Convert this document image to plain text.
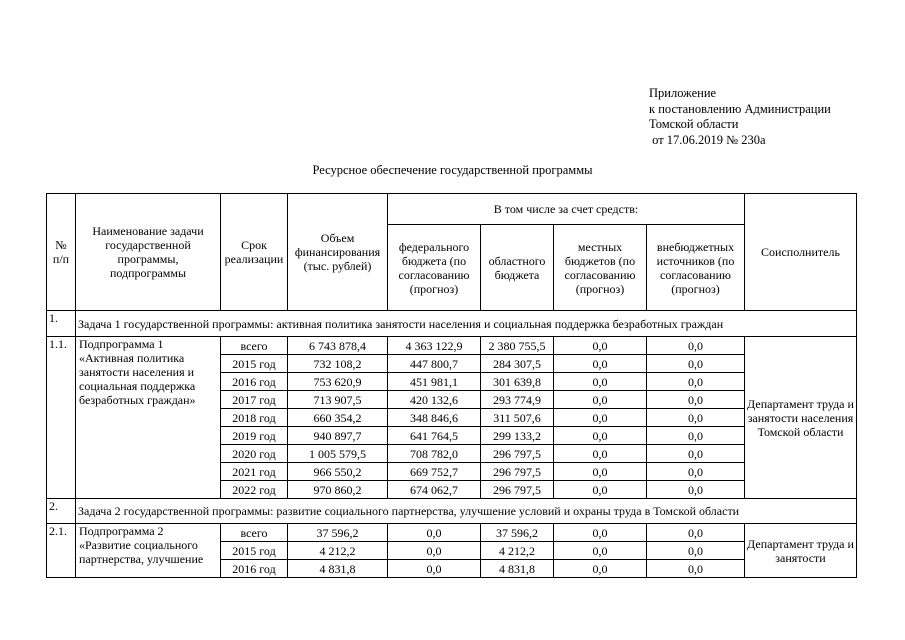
Приложение
к постановлению Администрации
Томской области
от 17.06.2019 № 230а
Ресурсное обеспечение государственной программы
№ п/п	Наименование задачи государственной программы, подпрограммы	Срок реализации	Объем финансирования (тыс. рублей)	В том числе за счет средств:				Соисполнитель
				федерального бюджета (по согласованию (прогноз)	областного бюджета	местных бюджетов (по согласованию (прогноз)	внебюджетных источников (по согласованию (прогноз)	
1.	Задача 1 государственной программы: активная политика занятости населения и социальная поддержка безработных граждан							
1.1.	Подпрограмма 1 «Активная политика занятости населения и социальная поддержка безработных граждан»	всего	6 743 878,4	4 363 122,9	2 380 755,5	0,0	0,0	Департамент труда и занятости населения Томской области
		2015 год	732 108,2	447 800,7	284 307,5	0,0	0,0	
		2016 год	753 620,9	451 981,1	301 639,8	0,0	0,0	
		2017 год	713 907,5	420 132,6	293 774,9	0,0	0,0	
		2018 год	660 354,2	348 846,6	311 507,6	0,0	0,0	
		2019 год	940 897,7	641 764,5	299 133,2	0,0	0,0	
		2020 год	1 005 579,5	708 782,0	296 797,5	0,0	0,0	
		2021 год	966 550,2	669 752,7	296 797,5	0,0	0,0	
		2022 год	970 860,2	674 062,7	296 797,5	0,0	0,0	
2.	Задача 2 государственной программы: развитие социального партнерства, улучшение условий и охраны труда в Томской области							
2.1.	Подпрограмма 2 «Развитие социального партнерства, улучшение	всего	37 596,2	0,0	37 596,2	0,0	0,0	Департамент труда и занятости
		2015 год	4 212,2	0,0	4 212,2	0,0	0,0	
		2016 год	4 831,8	0,0	4 831,8	0,0	0,0	
